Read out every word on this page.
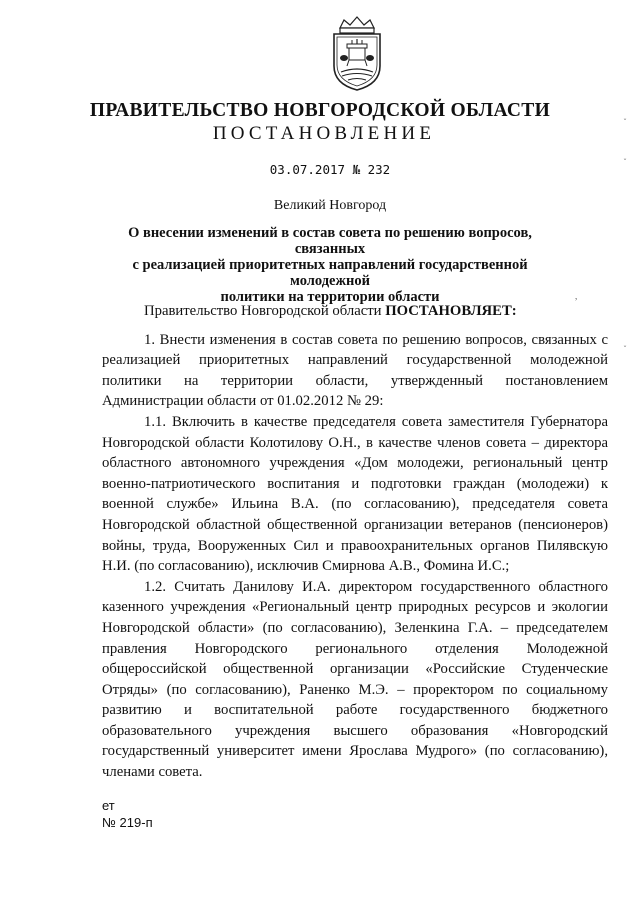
ПРАВИТЕЛЬСТВО НОВГОРОДСКОЙ ОБЛАСТИ
ПОСТАНОВЛЕНИЕ
03.07.2017 № 232
Великий Новгород
О внесении изменений в состав совета по решению вопросов, связанных
с реализацией приоритетных направлений государственной молодежной
политики на территории области
ˇ
ˇ
ˇ
,

Правительство Новгородской области ПОСТАНОВЛЯЕТ:

1. Внести изменения в состав совета по решению вопросов, связанных с реализацией приоритетных направлений государственной молодежной политики на территории области, утвержденный постановлением Администрации области от 01.02.2012 № 29:

1.1. Включить в качестве председателя совета заместителя Губернатора Новгородской области Колотилову О.Н., в качестве членов совета – директора областного автономного учреждения «Дом молодежи, региональный центр военно-патриотического воспитания и подготовки граждан (молодежи) к военной службе» Ильина В.А. (по согласованию), председателя совета Новгородской областной общественной организации ветеранов (пенсионеров) войны, труда, Вооруженных Сил и правоохранительных органов Пилявскую Н.И. (по согласованию), исключив Смирнова А.В., Фомина И.С.;

1.2. Считать Данилову И.А. директором государственного областного казенного учреждения «Региональный центр природных ресурсов и экологии Новгородской области» (по согласованию), Зеленкина Г.А. – председателем правления Новгородского регионального отделения Молодежной общероссийской общественной организации «Российские Студенческие Отряды» (по согласованию), Раненко М.Э. – проректором по социальному развитию и воспитательной работе государственного бюджетного образовательного учреждения высшего образования «Новгородский государственный университет имени Ярослава Мудрого» (по согласованию), членами совета.

ет
№ 219-п
